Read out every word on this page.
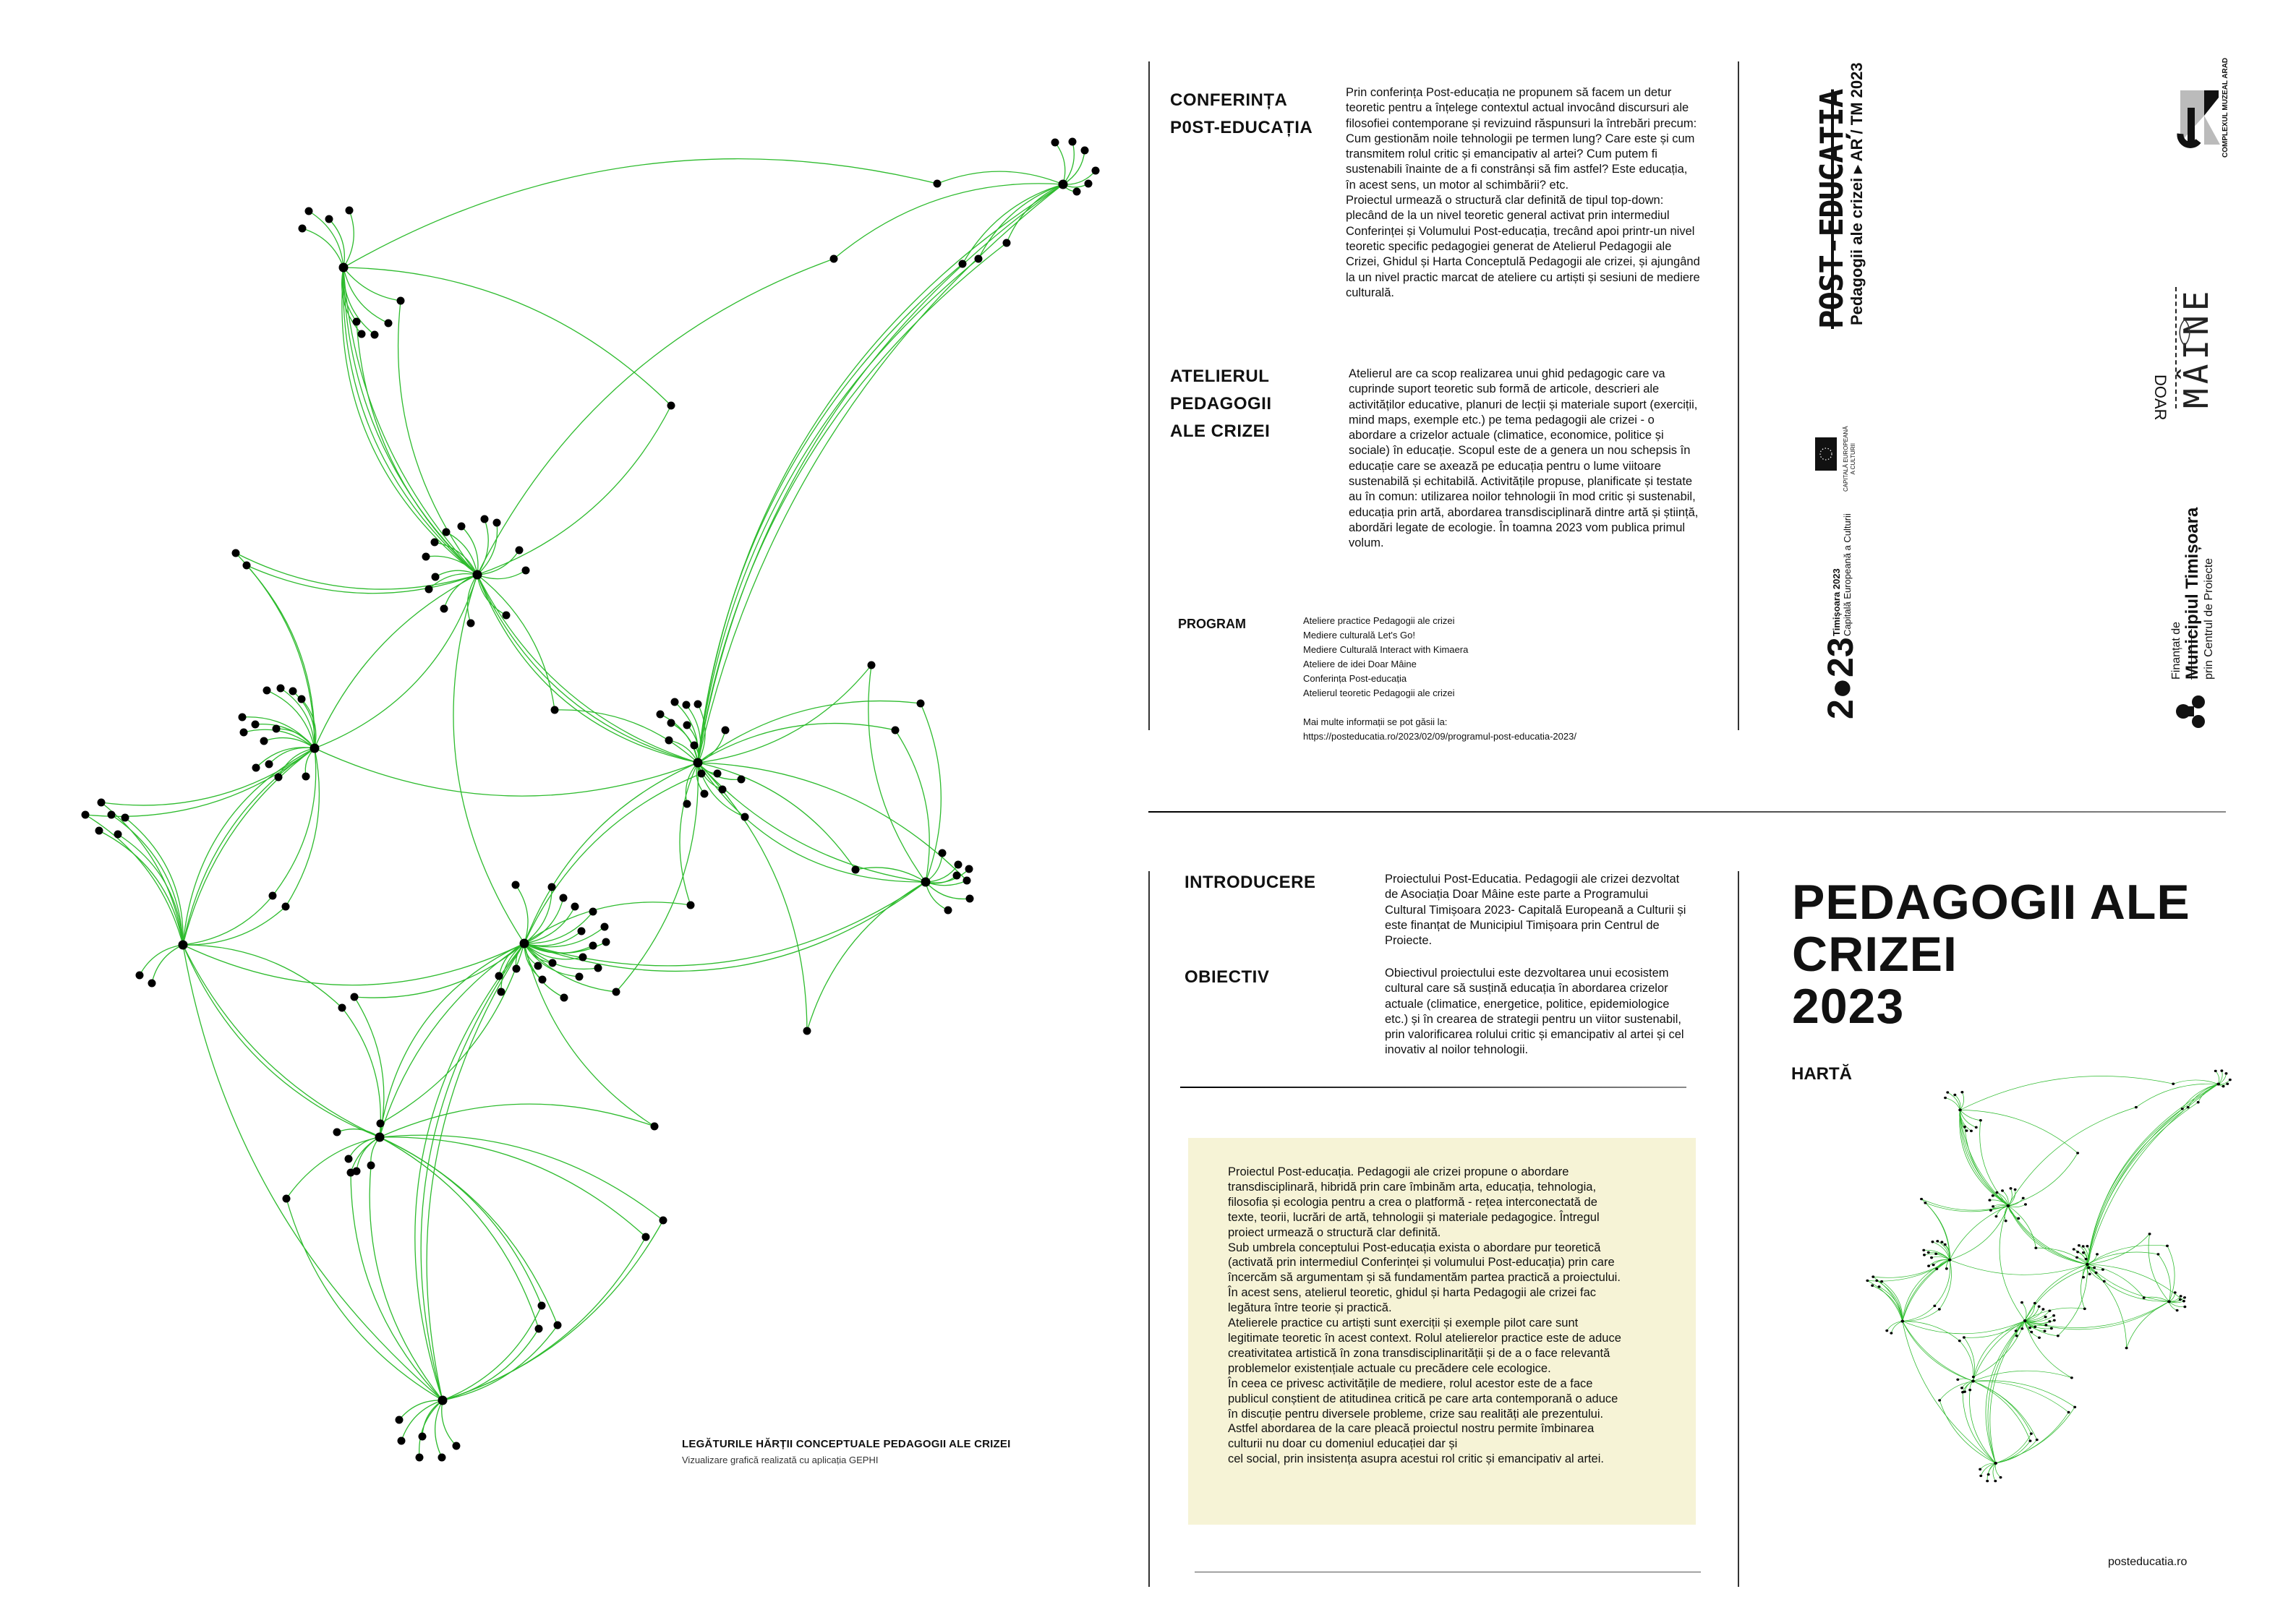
LEGĂTURILE HĂRȚII CONCEPTUALE PEDAGOGII ALE CRIZEI
Vizualizare grafică realizată cu aplicația GEPHI
CONFERINȚA
P0ST-EDUCAȚIA
Prin conferința Post-educația ne propunem să facem un detur teoretic pentru a înțelege contextul actual invocând discursuri ale filosofiei contemporane și revizuind răspunsuri la întrebări precum: Cum gestionăm noile tehnologii pe termen lung? Care este și cum transmitem rolul critic și emancipativ al artei? Cum putem fi sustenabili înainte de a fi constrânși să fim astfel? Este educația, în acest sens, un motor al schimbării? etc.
Proiectul urmează o structură clar definită de tipul top-down: plecând de la un nivel teoretic general activat prin intermediul Conferinței și Volumului Post-educația, trecând apoi printr-un nivel teoretic specific pedagogiei generat de Atelierul Pedagogii ale Crizei, Ghidul și Harta Conceptulă Pedagogii ale crizei, și ajungând la un nivel practic marcat de ateliere cu artiști și sesiuni de mediere culturală.
ATELIERUL
PEDAGOGII
ALE CRIZEI
Atelierul are ca scop realizarea unui ghid pedagogic care va cuprinde suport teoretic sub formă de articole, descrieri ale activităților educative, planuri de lecții și materiale suport (exerciții, mind maps, exemple etc.) pe tema pedagogii ale crizei - o abordare a crizelor actuale (climatice, economice, politice și sociale) în educație. Scopul este de a genera un nou schepsis în educație care se axează pe educația pentru o lume viitoare sustenabilă și echitabilă. Activitățile propuse, planificate și testate au în comun: utilizarea noilor tehnologii în mod critic și sustenabil, educația prin artă, abordarea transdisciplinară dintre artă și știință, abordări legate de ecologie. În toamna 2023 vom publica primul volum.
PROGRAM	Ateliere practice Pedagogii ale crizei
Mediere culturală Let's Go!
Mediere Culturală Interact with Kimaera
Ateliere de idei Doar Mâine
Conferința Post-educația
Atelierul teoretic Pedagogii ale crizei
Mai multe informații se pot găsii la:
https://posteducatia.ro/2023/02/09/programul-post-educatia-2023/
POST-EDUCAȚIA
Pedagogii ale crizei ▸ AR / TM 2023
CAPITALĂ EUROPEANĂ A CULTURII
2●23
Timișoara 2023 Capitală Europeană a Culturii
COMPLEXUL MUZEAL ARAD
MÂINE
DOAR
Finanțat de Municipiul Timișoara prin Centrul de Proiecte
INTRODUCERE	Proiectului Post-Educatia. Pedagogii ale crizei dezvoltat de Asociația Doar Mâine este parte a Programului Cultural Timișoara 2023- Capitală Europeană a Culturii și este finanțat de Municipiul Timișoara prin Centrul de Proiecte.
OBIECTIV	Obiectivul proiectului este dezvoltarea unui ecosistem cultural care să susțină educația în abordarea crizelor actuale (climatice, energetice, politice, epidemiologice etc.) și în crearea de strategii pentru un viitor sustenabil, prin valorificarea rolului critic și emancipativ al artei și cel inovativ al noilor tehnologii.
Proiectul Post-educația. Pedagogii ale crizei propune o abordare
transdisciplinară, hibridă prin care îmbinăm arta, educația, tehnologia,
filosofia și ecologia pentru a crea o platformă - rețea interconectată de
texte, teorii, lucrări de artă, tehnologii și materiale pedagogice. Întregul
proiect urmează o structură clar definită.
Sub umbrela conceptului Post-educația exista o abordare pur teoretică
(activată prin intermediul Conferinței și volumului Post-educația) prin care
încercăm să argumentam și să fundamentăm partea practică a proiectului.
În acest sens, atelierul teoretic, ghidul și harta Pedagogii ale crizei fac
legătura între teorie și practică.
Atelierele practice cu artiști sunt exerciții și exemple pilot care sunt
legitimate teoretic în acest context. Rolul atelierelor practice este de aduce
creativitatea artistică în zona transdisciplinarității și de a o face relevantă
problemelor existențiale actuale cu precădere cele ecologice.
În ceea ce privesc activitățile de mediere, rolul acestor este de a face
publicul conștient de atitudinea critică pe care arta contemporană o aduce
în discuție pentru diversele probleme, crize sau realități ale prezentului.
Astfel abordarea de la care pleacă proiectul nostru permite îmbinarea
culturii nu doar cu domeniul educației dar și
cel social, prin insistența asupra acestui rol critic și emancipativ al artei.
PEDAGOGII ALE
CRIZEI
2023
HARTĂ
posteducatia.ro
